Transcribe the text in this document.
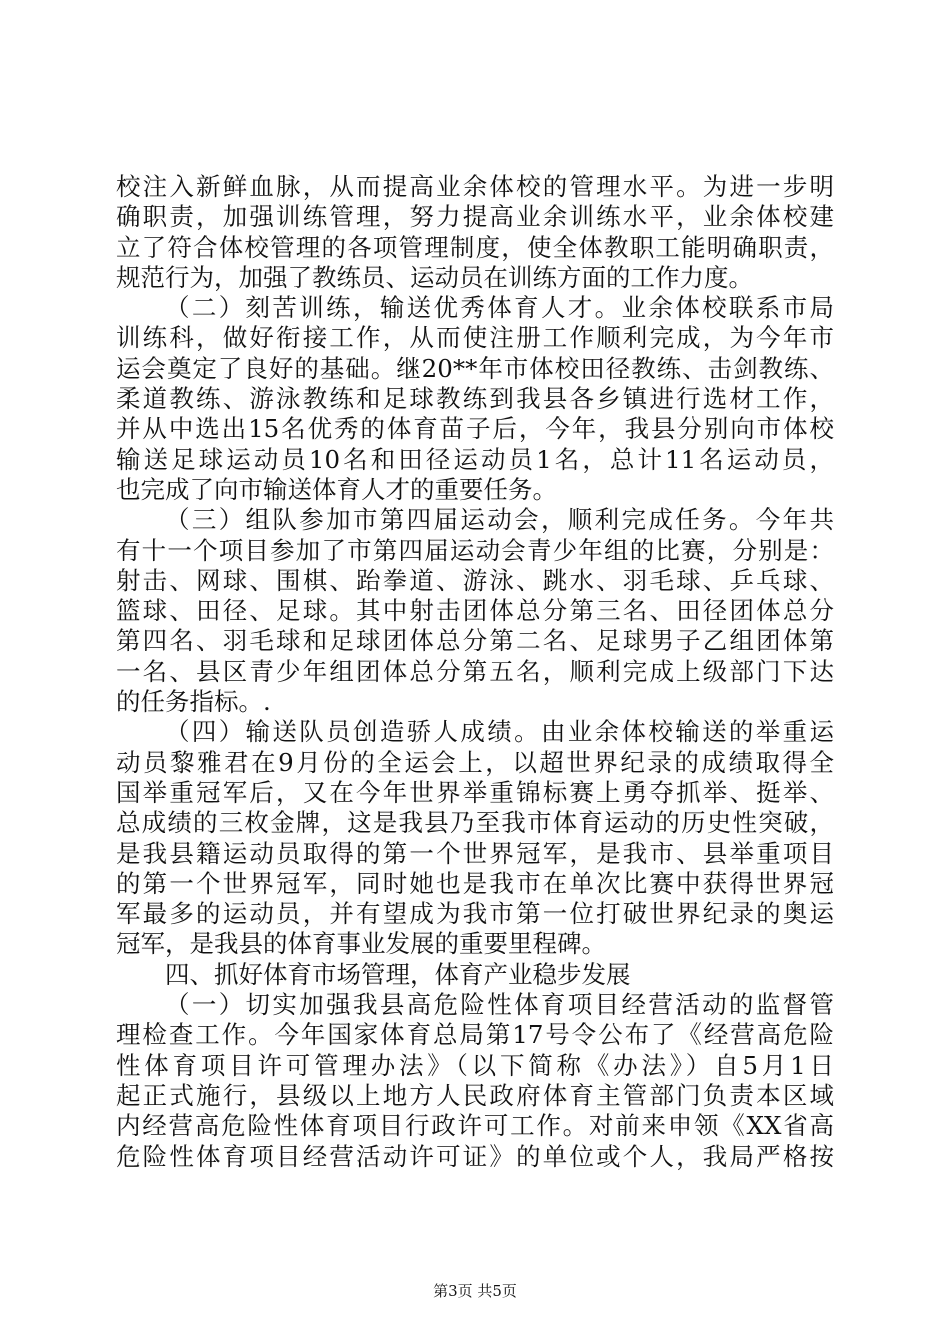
校注入新鲜血脉，从而提高业余体校的管理水平。为进一步明
确职责，加强训练管理，努力提高业余训练水平，业余体校建
立了符合体校管理的各项管理制度，使全体教职工能明确职责，
规范行为，加强了教练员、运动员在训练方面的工作力度。
（二）刻苦训练，输送优秀体育人才。业余体校联系市局
训练科，做好衔接工作，从而使注册工作顺利完成，为今年市
运会奠定了良好的基础。继20**年市体校田径教练、击剑教练、
柔道教练、游泳教练和足球教练到我县各乡镇进行选材工作，
并从中选出15名优秀的体育苗子后，今年，我县分别向市体校
输送足球运动员10名和田径运动员1名，总计11名运动员，
也完成了向市输送体育人才的重要任务。
（三）组队参加市第四届运动会，顺利完成任务。今年共
有十一个项目参加了市第四届运动会青少年组的比赛，分别是：
射击、网球、围棋、跆拳道、游泳、跳水、羽毛球、乒乓球、
篮球、田径、足球。其中射击团体总分第三名、田径团体总分
第四名、羽毛球和足球团体总分第二名、足球男子乙组团体第
一名、县区青少年组团体总分第五名，顺利完成上级部门下达
的任务指标。.
（四）输送队员创造骄人成绩。由业余体校输送的举重运
动员黎雅君在9月份的全运会上，以超世界纪录的成绩取得全
国举重冠军后，又在今年世界举重锦标赛上勇夺抓举、挺举、
总成绩的三枚金牌，这是我县乃至我市体育运动的历史性突破，
是我县籍运动员取得的第一个世界冠军，是我市、县举重项目
的第一个世界冠军，同时她也是我市在单次比赛中获得世界冠
军最多的运动员，并有望成为我市第一位打破世界纪录的奥运
冠军，是我县的体育事业发展的重要里程碑。
四、抓好体育市场管理，体育产业稳步发展
（一）切实加强我县高危险性体育项目经营活动的监督管
理检查工作。今年国家体育总局第17号令公布了《经营高危险
性体育项目许可管理办法》（以下简称《办法》）自5月1日
起正式施行，县级以上地方人民政府体育主管部门负责本区域
内经营高危险性体育项目行政许可工作。对前来申领《XX省高
危险性体育项目经营活动许可证》的单位或个人，我局严格按
第3页 共5页
